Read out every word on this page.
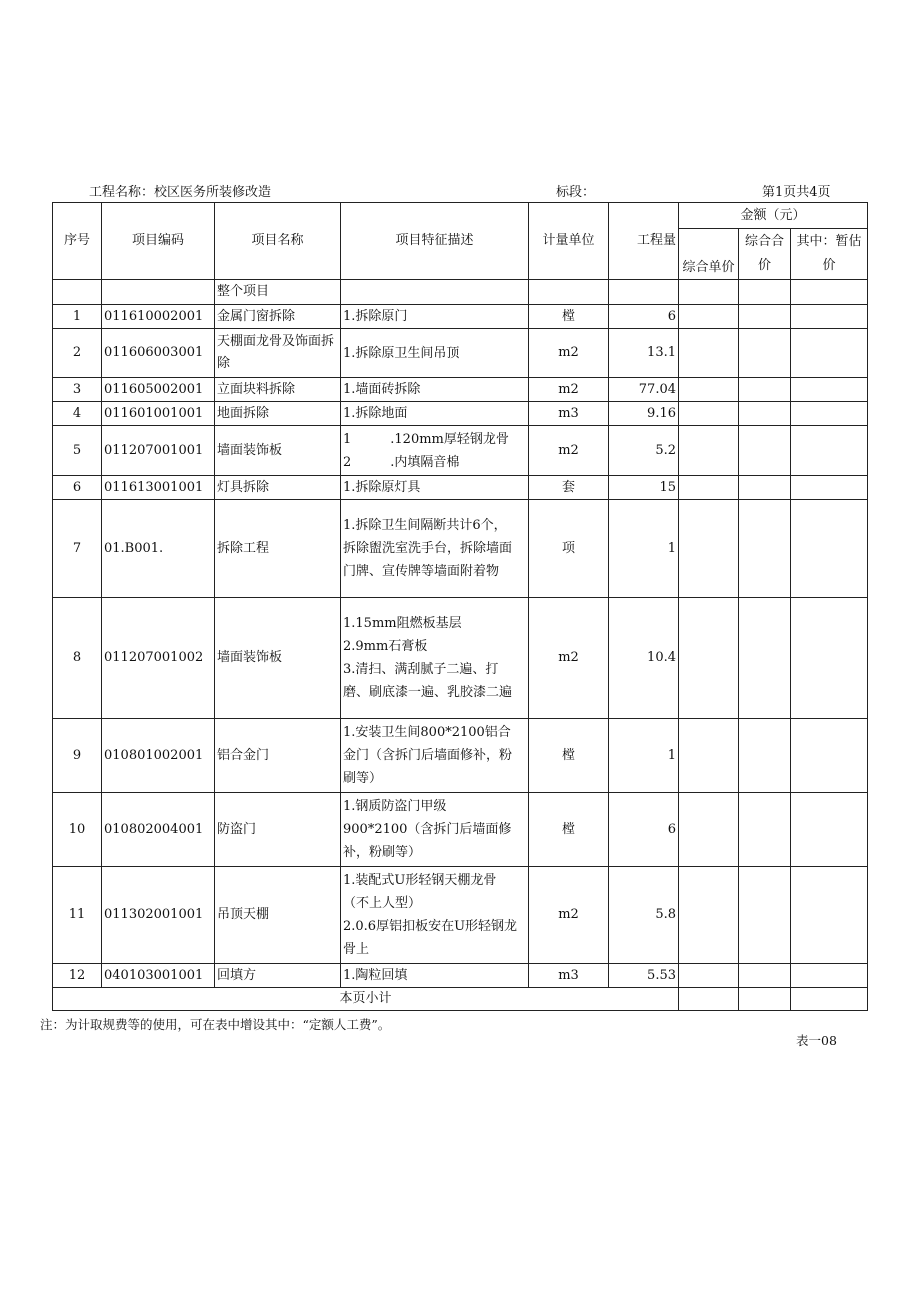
工程名称：校区医务所装修改造	标段：	第1页共4页
序号	项目编码	项目名称	项目特征描述	计量单位	工程量	金额（元）		
						综合单价	综合合价	其中：暂估价

		整个项目						
1	011610002001	金属门窗拆除	1.拆除原门	樘	6			
2	011606003001	天棚面龙骨及饰面拆除	1.拆除原卫生间吊顶	m2	13.1			
3	011605002001	立面块料拆除	1.墙面砖拆除	m2	77.04			
4	011601001001	地面拆除	1.拆除地面	m3	9.16			
5	011207001001	墙面装饰板	1　　　.120mm厚轻钢龙骨
2　　　.内填隔音棉	m2	5.2			
6	011613001001	灯具拆除	1.拆除原灯具	套	15			
7	01.B001.	拆除工程	1.拆除卫生间隔断共计6个，
拆除盥洗室洗手台，拆除墙面
门牌、宣传牌等墙面附着物	项	1			
8	011207001002	墙面装饰板	1.15mm阻燃板基层
2.9mm石膏板
3.清扫、满刮腻子二遍、打
磨、刷底漆一遍、乳胶漆二遍	m2	10.4			
9	010801002001	铝合金门	1.安装卫生间800*2100铝合
金门（含拆门后墙面修补，粉
刷等）	樘	1			
10	010802004001	防盗门	1.钢质防盗门甲级
900*2100（含拆门后墙面修
补，粉刷等）	樘	6			
11	011302001001	吊顶天棚	1.装配式U形轻钢天棚龙骨
（不上人型）
2.0.6厚铝扣板安在U形轻钢龙
骨上	m2	5.8			
12	040103001001	回填方	1.陶粒回填	m3	5.53			
本页小计								
注：为计取规费等的使用，可在表中增设其中：“定额人工费”。
表一08
